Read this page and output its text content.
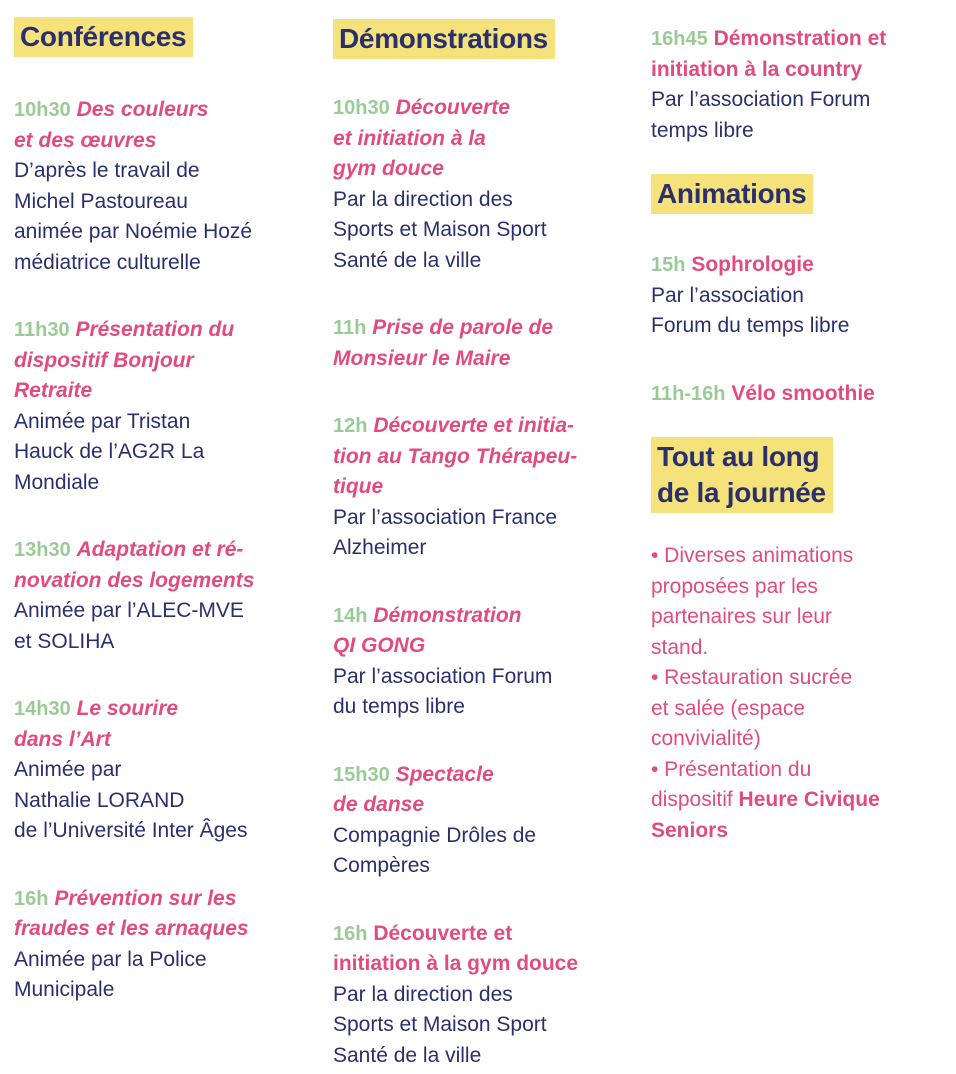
Conférences
10h30 Des couleurs
et des œuvres
D’après le travail de
Michel Pastoureau
animée par Noémie Hozé
médiatrice culturelle
11h30 Présentation du
dispositif Bonjour
Retraite
Animée par Tristan
Hauck de l’AG2R La
Mondiale
13h30 Adaptation et ré-
novation des logements
Animée par l’ALEC-MVE
et SOLIHA
14h30 Le sourire
dans l’Art
Animée par
Nathalie LORAND
de l’Université Inter Âges
16h Prévention sur les
fraudes et les arnaques
Animée par la Police
Municipale
Démonstrations
10h30 Découverte
et initiation à la
gym douce
Par la direction des
Sports et Maison Sport
Santé de la ville
11h Prise de parole de
Monsieur le Maire
12h Découverte et initia-
tion au Tango Thérapeu-
tique
Par l’association France
Alzheimer
14h Démonstration
QI GONG
Par l’association Forum
du temps libre
15h30 Spectacle
de danse
Compagnie Drôles de
Compères
16h Découverte et
initiation à la gym douce
Par la direction des
Sports et Maison Sport
Santé de la ville
16h45 Démonstration et
initiation à la country
Par l’association Forum
temps libre
Animations
15h Sophrologie
Par l’association
Forum du temps libre
11h-16h Vélo smoothie
Tout au long
de la journée
• Diverses animations
proposées par les
partenaires sur leur
stand.
• Restauration sucrée
et salée (espace
convivialité)
• Présentation du
dispositif Heure Civique
Seniors
